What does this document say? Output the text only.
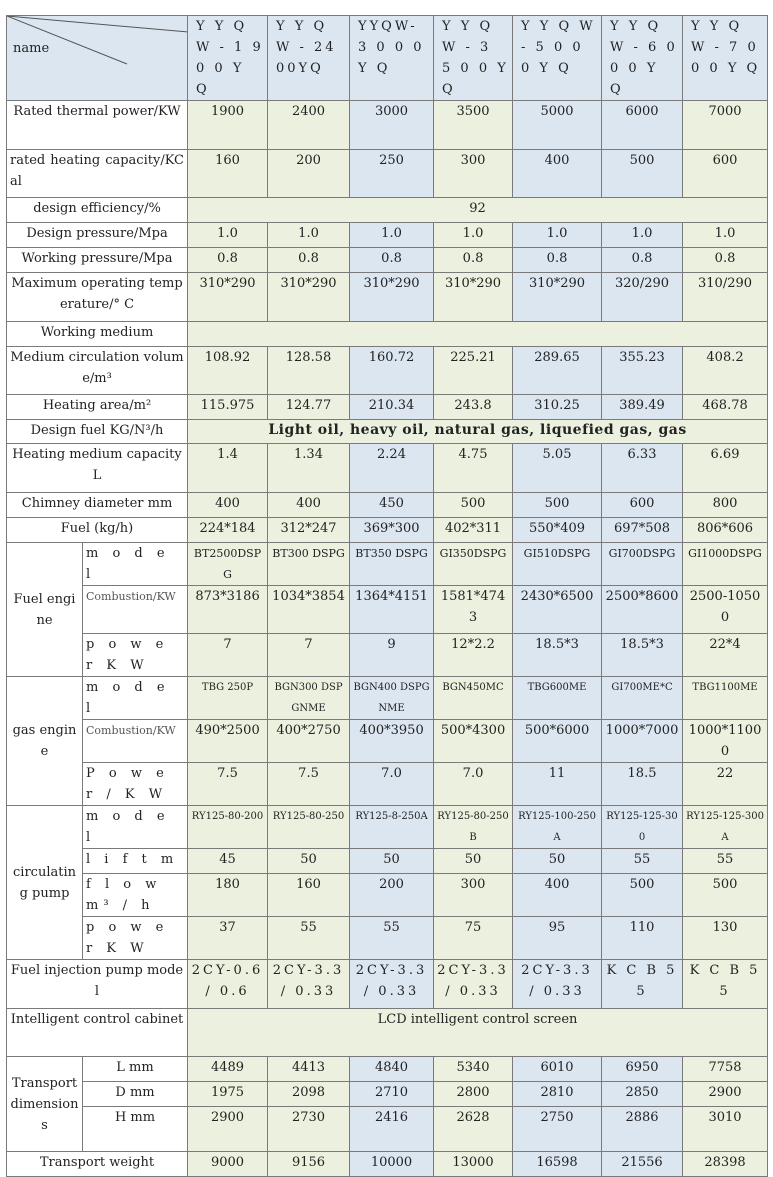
name		Y Y Q W - 1 9 0 0 Y Q	Y Y Q W - 2400YQ	YYQW- 3 0 0 0 Y Q	Y Y Q W - 3 5 0 0 Y Q	Y Y Q W - 5 0 0 0 Y Q	Y Y Q W - 6 0 0 0 Y Q	Y Y Q W - 7 0 0 0 Y Q
Rated thermal power/KW		1900	2400	3000	3500	5000	6000	7000
rated heating capacity/KCal		160	200	250	300	400	500	600
design efficiency/%		92						
Design pressure/Mpa		1.0	1.0	1.0	1.0	1.0	1.0	1.0
Working pressure/Mpa		0.8	0.8	0.8	0.8	0.8	0.8	0.8
Maximum operating temperature/° C		310*290	310*290	310*290	310*290	310*290	320/290	310/290
Working medium								
Medium circulation volume/m³		108.92	128.58	160.72	225.21	289.65	355.23	408.2
Heating area/m²		115.975	124.77	210.34	243.8	310.25	389.49	468.78
Design fuel KG/N³/h		Light oil, heavy oil, natural gas, liquefied gas, gas						
Heating medium capacity L		1.4	1.34	2.24	4.75	5.05	6.33	6.69
Chimney diameter mm		400	400	450	500	500	600	800
Fuel (kg/h)		224*184	312*247	369*300	402*311	550*409	697*508	806*606
Fuel engine	m o d e l	BT2500DSPG	BT300 DSPG	BT350 DSPG	GI350DSPG	GI510DSPG	GI700DSPG	GI1000DSPG
	Combustion/KW	873*3186	1034*3854	1364*4151	1581*4743	2430*6500	2500*8600	2500-10500
	p o w e r K W	7	7	9	12*2.2	18.5*3	18.5*3	22*4
gas engine	m o d e l	TBG 250P	BGN300 DSPGNME	BGN400 DSPGNME	BGN450MC	TBG600ME	GI700ME*C	TBG1100ME
	Combustion/KW	490*2500	400*2750	400*3950	500*4300	500*6000	1000*7000	1000*11000
	P o w e r / K W	7.5	7.5	7.0	7.0	11	18.5	22
circulating pump	m o d e l	RY125-80-200	RY125-80-250	RY125-8-250A	RY125-80-250B	RY125-100-250A	RY125-125-300	RY125-125-300A
	l i f t m	45	50	50	50	50	55	55
	f l o w m³ / h	180	160	200	300	400	500	500
	p o w e r K W	37	55	55	75	95	110	130
Fuel injection pump model		2CY-0.6 / 0.6	2CY-3.3 / 0.33	2CY-3.3 / 0.33	2CY-3.3 / 0.33	2CY-3.3 / 0.33	K C B 55	K C B 55
Intelligent control cabinet		LCD intelligent control screen						
Transport dimensions	L mm	4489	4413	4840	5340	6010	6950	7758
	D mm	1975	2098	2710	2800	2810	2850	2900
	H mm	2900	2730	2416	2628	2750	2886	3010
Transport weight		9000	9156	10000	13000	16598	21556	28398
